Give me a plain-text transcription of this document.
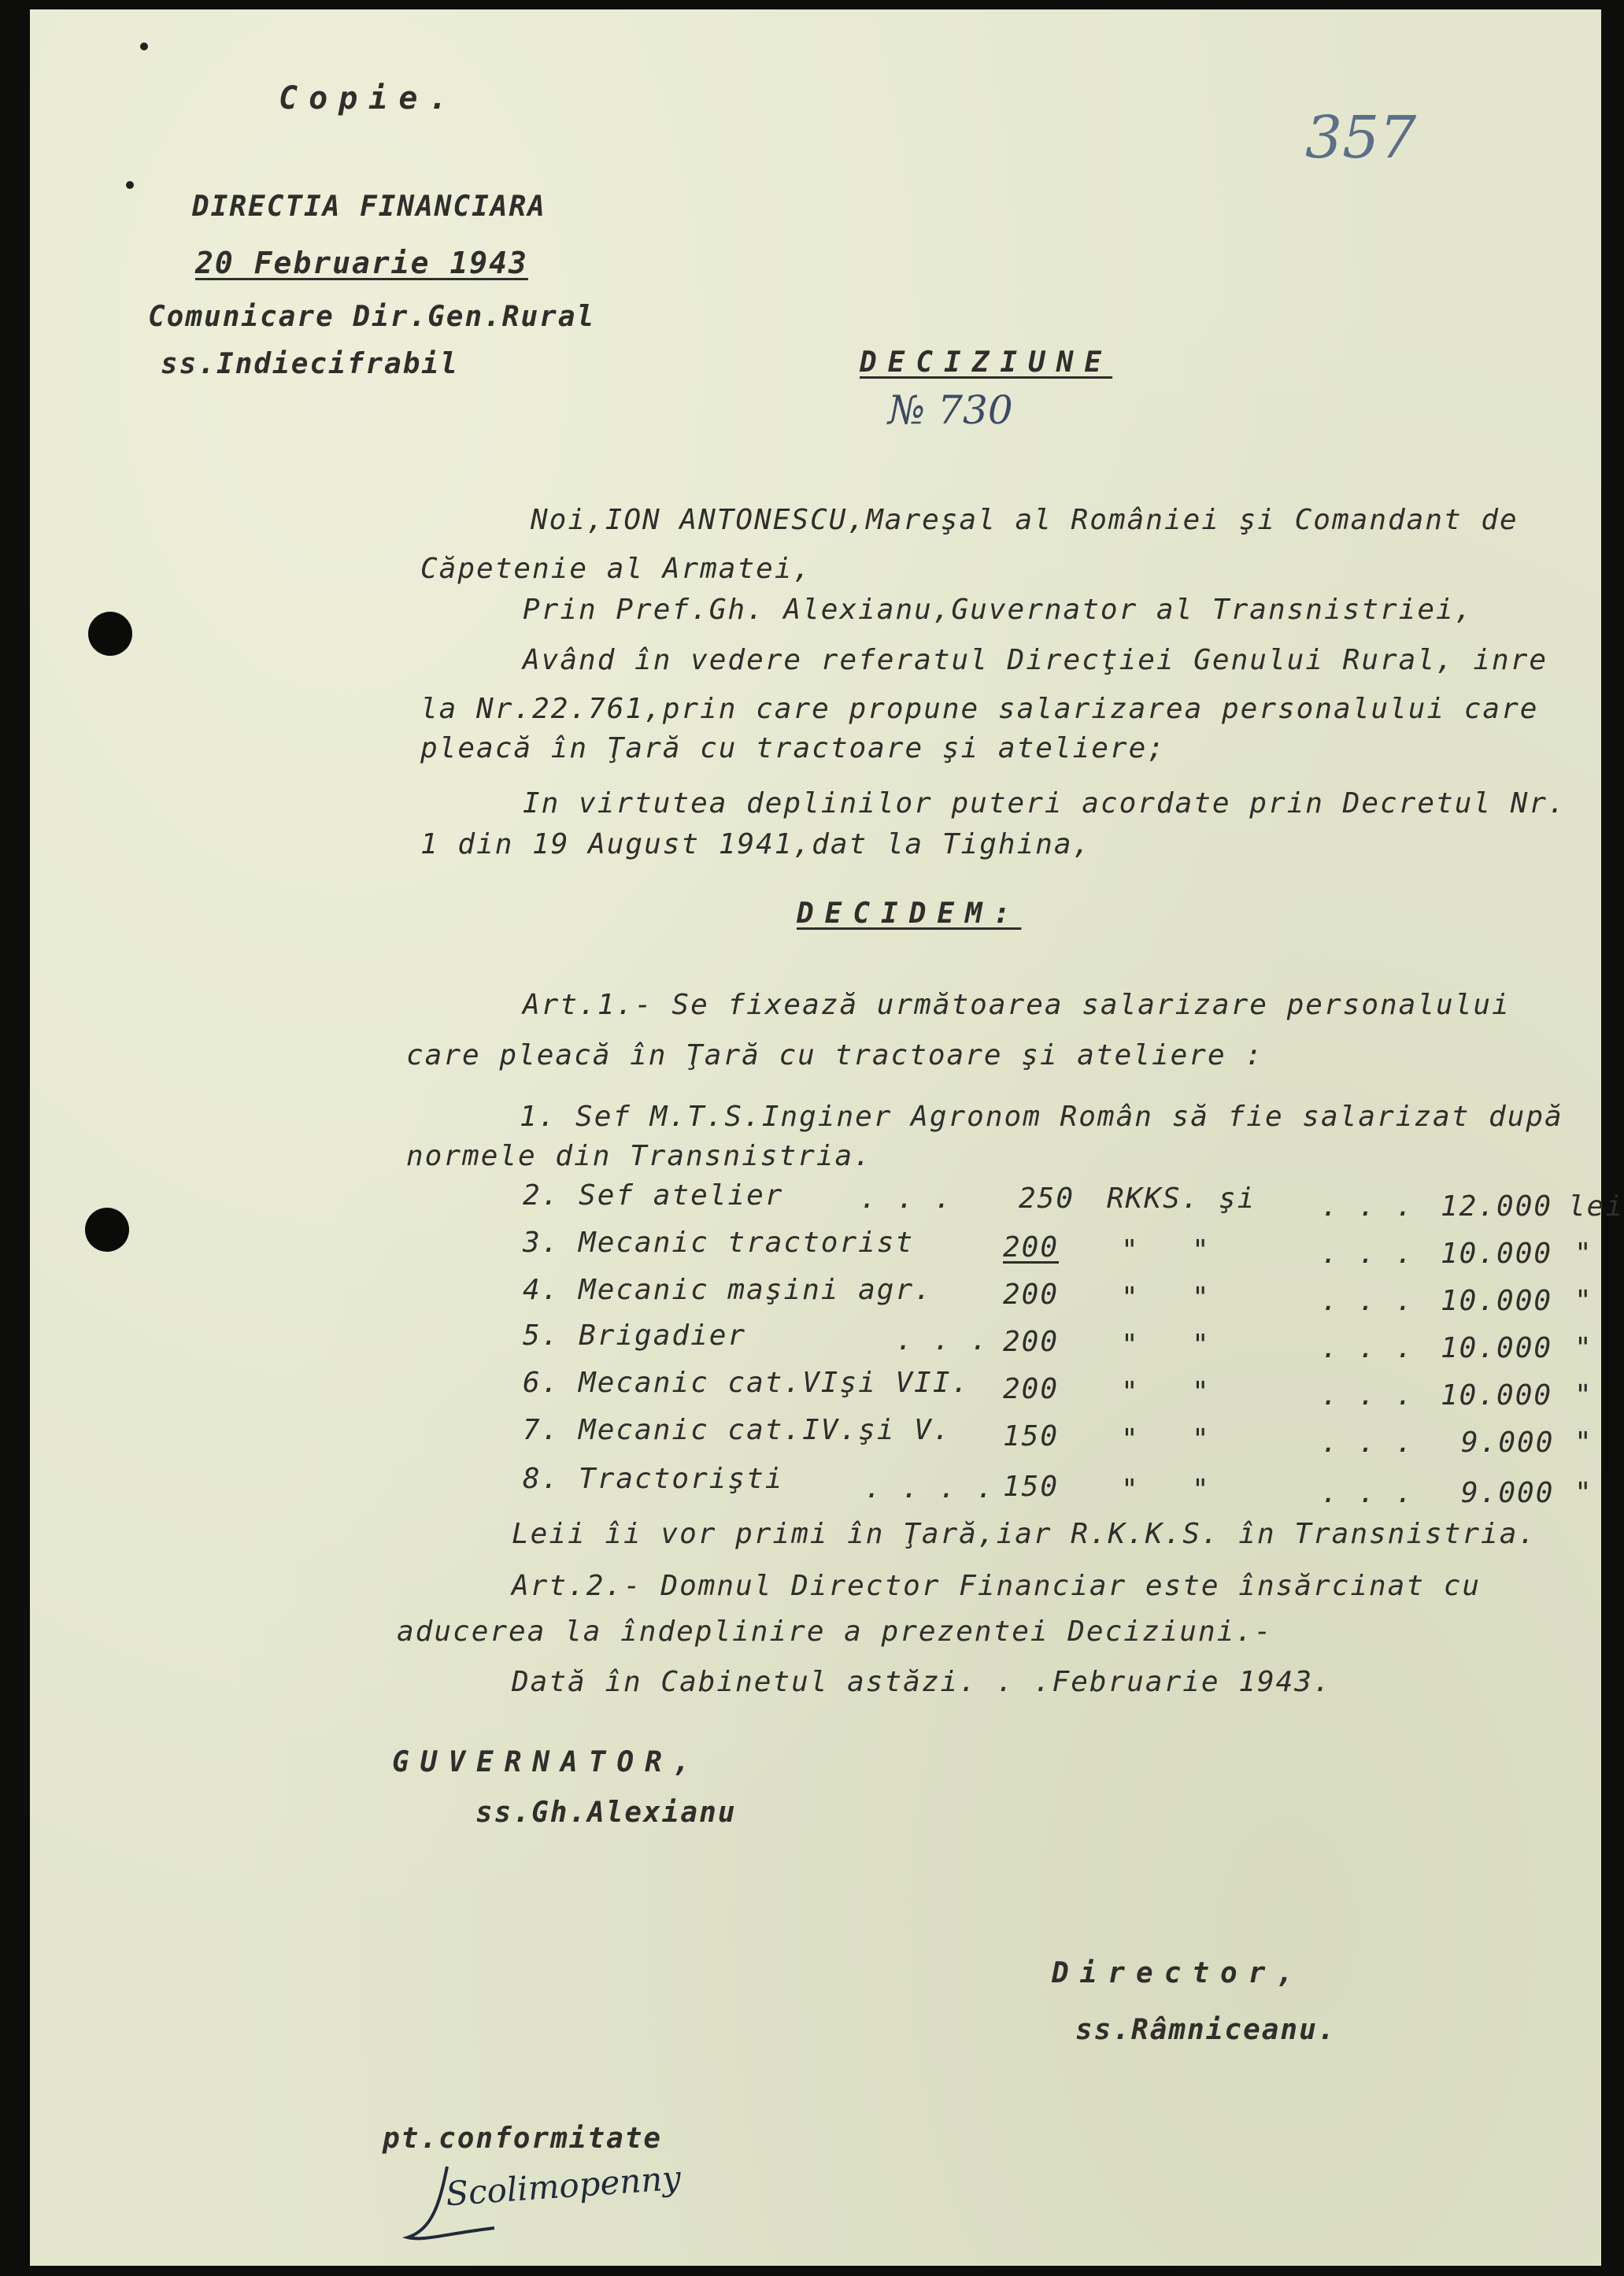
Copie.
DIRECTIA FINANCIARA
20 Februarie 1943
Comunicare Dir.Gen.Rural
ss.Indiecifrabil
357
DECIZIUNE
№ 730
Noi,ION ANTONESCU,Mareşal al României şi Comandant de
Căpetenie al Armatei,
Prin Pref.Gh. Alexianu,Guvernator al Transnistriei,
Având în vedere referatul Direcţiei Genului Rural, inre
la Nr.22.761,prin care propune salarizarea personalului care
pleacă în Ţară cu tractoare şi ateliere;
In virtutea deplinilor puteri acordate prin Decretul Nr.
1 din 19 August 1941,dat la Tighina,
DECIDEM:
Art.1.- Se fixează următoarea salarizare personalului
care pleacă în Ţară cu tractoare şi ateliere :
1. Sef M.T.S.Inginer Agronom Român să fie salarizat după
normele din Transnistria.
2. Sef atelier	. . . 250 RKKS. şi . . . 12.000 lei
3. Mecanic tractorist	200 " "	. . . 10.000 "
4. Mecanic maşini agr. 200 " "	. . . 10.000 "
5. Brigadier	. . . 200 " "	. . . 10.000 "
6. Mecanic cat.VIşi VII. 200 " "	. . . 10.000 "
7. Mecanic cat.IV.şi V. 150 " "	. . . 9.000 "
8. Tractorişti	. . . . 150 " "	. . . 9.000 "
Leii îi vor primi în Ţară,iar R.K.K.S. în Transnistria.
Art.2.- Domnul Director Financiar este însărcinat cu
aducerea la îndeplinire a prezentei Deciziuni.-
Dată în Cabinetul astăzi. . .Februarie 1943.
GUVERNATOR,
ss.Gh.Alexianu
ss.Râmniceanu.
pt.conformitate
Scolimopenny
Director,
